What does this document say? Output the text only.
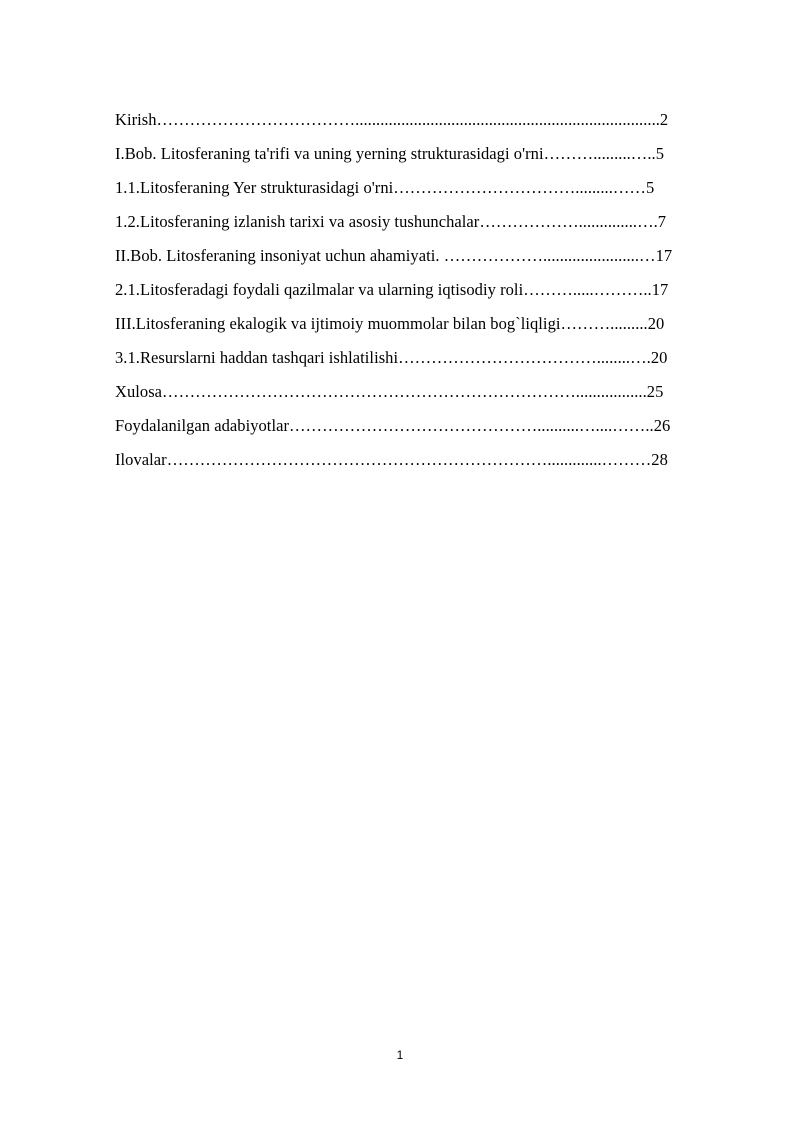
Kirish……………………………….........................................................................2
I.Bob. Litosferaning ta'rifi va uning yerning strukturasidagi o'rni……….........…..5
1.1.Litosferaning Yer strukturasidagi o'rni…………………………….........……5
1.2.Litosferaning izlanish tarixi va asosiy tushunchalar………………..............….7
II.Bob. Litosferaning insoniyat uchun ahamiyati. ……………….......................…17
2.1.Litosferadagi foydali qazilmalar va ularning iqtisodiy roli……….....………..17
III.Litosferaning ekalogik va ijtimoiy muommolar bilan bog`liqligi……….........20
3.1.Resurslarni haddan tashqari ishlatilishi………………………………........….20
Xulosa………………………………………………………………….................25
Foydalanilgan adabiyotlar………………………………………..........…....……..26
Ilovalar…………………………………………………………….............………28
1
